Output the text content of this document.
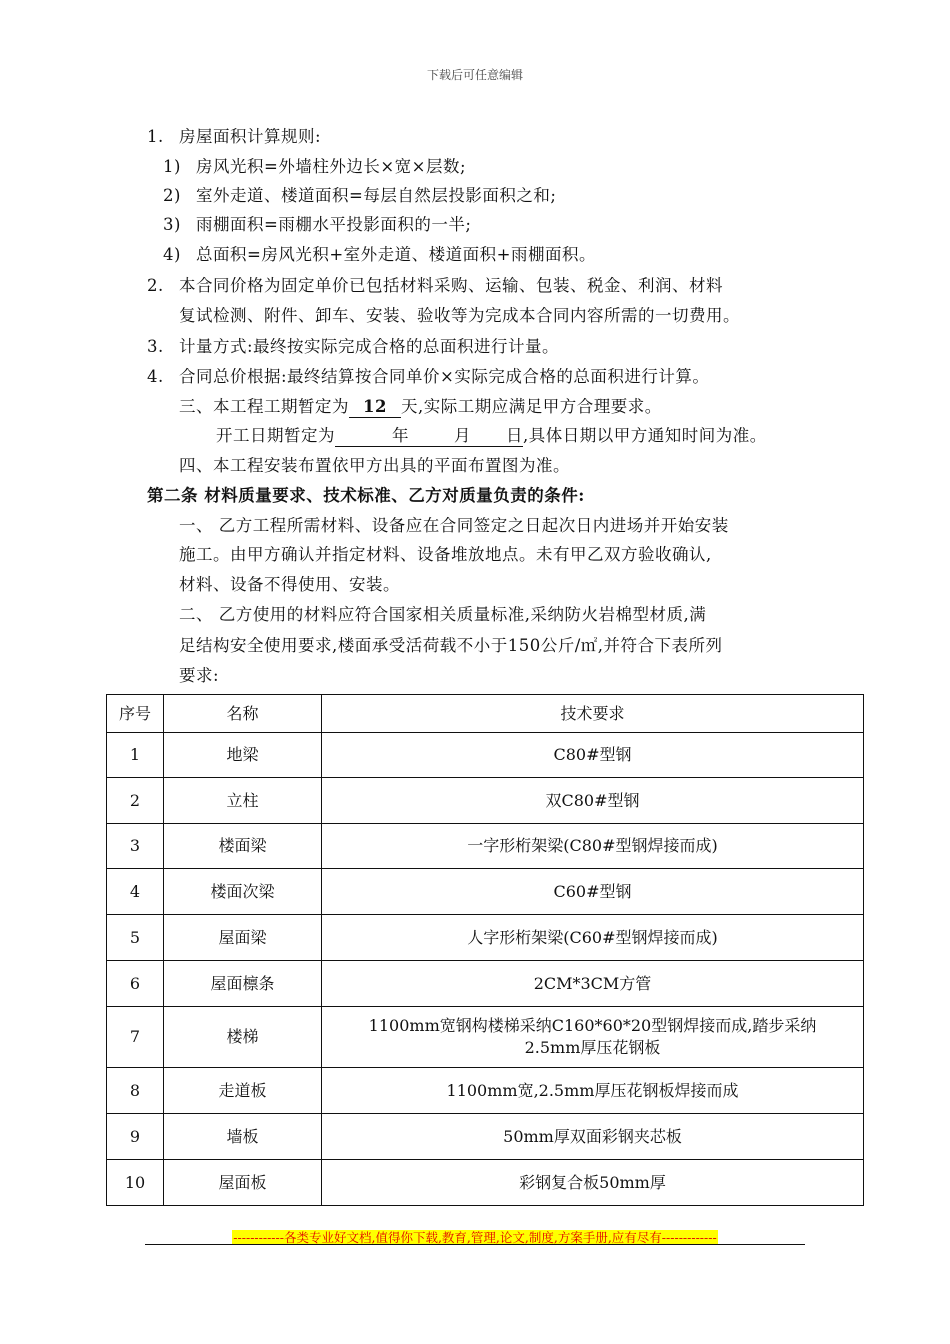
下载后可任意编辑
1. 房屋面积计算规则:
1) 房风光积=外墙柱外边长×宽×层数;
2) 室外走道、楼道面积=每层自然层投影面积之和;
3) 雨棚面积=雨棚水平投影面积的一半;
4) 总面积=房风光积+室外走道、楼道面积+雨棚面积。
2. 本合同价格为固定单价已包括材料采购、运输、包装、税金、利润、材料
复试检测、附件、卸车、安装、验收等为完成本合同内容所需的一切费用。
3. 计量方式:最终按实际完成合格的总面积进行计量。
4. 合同总价根据:最终结算按合同单价×实际完成合格的总面积进行计算。
三、本工程工期暂定为 12 天,实际工期应满足甲方合理要求。
开工日期暂定为	年	月 日,具体日期以甲方通知时间为准。
四、本工程安装布置依甲方出具的平面布置图为准。
第二条 材料质量要求、技术标准、乙方对质量负责的条件:
一、 乙方工程所需材料、设备应在合同签定之日起次日内进场并开始安装
施工。由甲方确认并指定材料、设备堆放地点。未有甲乙双方验收确认,
材料、设备不得使用、安装。
二、 乙方使用的材料应符合国家相关质量标准,采纳防火岩棉型材质,满
足结构安全使用要求,楼面承受活荷载不小于150公斤/㎡,并符合下表所列
要求:
序号	名称	技术要求
1	地梁	C80#型钢
2	立柱	双C80#型钢
3	楼面梁	一字形桁架梁(C80#型钢焊接而成)
4	楼面次梁	C60#型钢
5	屋面梁	人字形桁架梁(C60#型钢焊接而成)
6	屋面檩条	2CM*3CM方管
7	楼梯	1100mm宽钢构楼梯采纳C160*60*20型钢焊接而成,踏步采纳
2.5mm厚压花钢板

8	走道板	1100mm宽,2.5mm厚压花钢板焊接而成
9	墙板	50mm厚双面彩钢夹芯板
10	屋面板	彩钢复合板50mm厚
------------各类专业好文档,值得你下载,教育,管理,论文,制度,方案手册,应有尽有-------------
